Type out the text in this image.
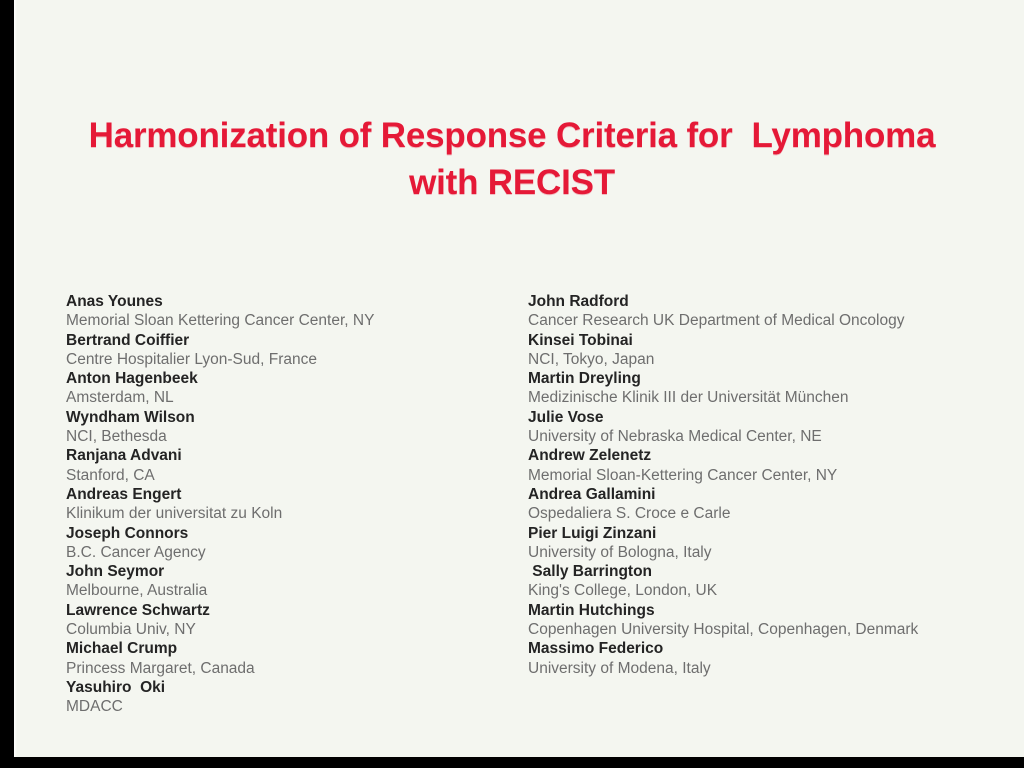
Harmonization of Response Criteria for  Lymphoma
with RECIST
Anas Younes
Memorial Sloan Kettering Cancer Center, NY
Bertrand Coiffier
Centre Hospitalier Lyon-Sud, France
Anton Hagenbeek
Amsterdam, NL
Wyndham Wilson
NCI, Bethesda
Ranjana Advani
Stanford, CA
Andreas Engert
Klinikum der universitat zu Koln
Joseph Connors
B.C. Cancer Agency
John Seymor
Melbourne, Australia
Lawrence Schwartz
Columbia Univ, NY
Michael Crump
Princess Margaret, Canada
Yasuhiro  Oki
MDACC
John Radford
Cancer Research UK Department of Medical Oncology
Kinsei Tobinai
NCI, Tokyo, Japan
Martin Dreyling
Medizinische Klinik III der Universität München
Julie Vose
University of Nebraska Medical Center, NE
Andrew Zelenetz
Memorial Sloan-Kettering Cancer Center, NY
Andrea Gallamini
Ospedaliera S. Croce e Carle
Pier Luigi Zinzani
University of Bologna, Italy
Sally Barrington
King's College, London, UK
Martin Hutchings
Copenhagen University Hospital, Copenhagen, Denmark
Massimo Federico
University of Modena, Italy
